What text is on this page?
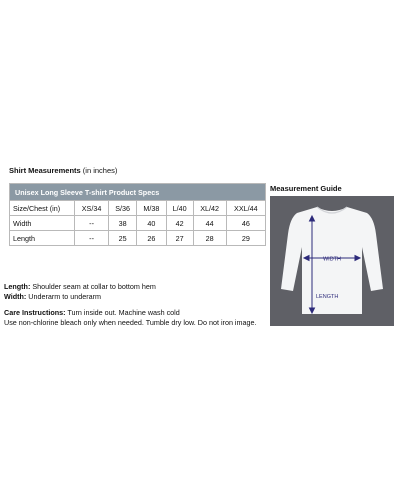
Shirt Measurements (in inches)
Unisex Long Sleeve T-shirt Product Specs						
Size/Chest (in)	XS/34	S/36	M/38	L/40	XL/42	XXL/44
Width	--	38	40	42	44	46
Length	--	25	26	27	28	29

Length: Shoulder seam at collar to bottom hem

Width: Underarm to underarm

Care Instructions: Turn inside out. Machine wash cold

Use non-chlorine bleach only when needed. Tumble dry low. Do not iron image.

Measurement Guide
WIDTH
LENGTH
